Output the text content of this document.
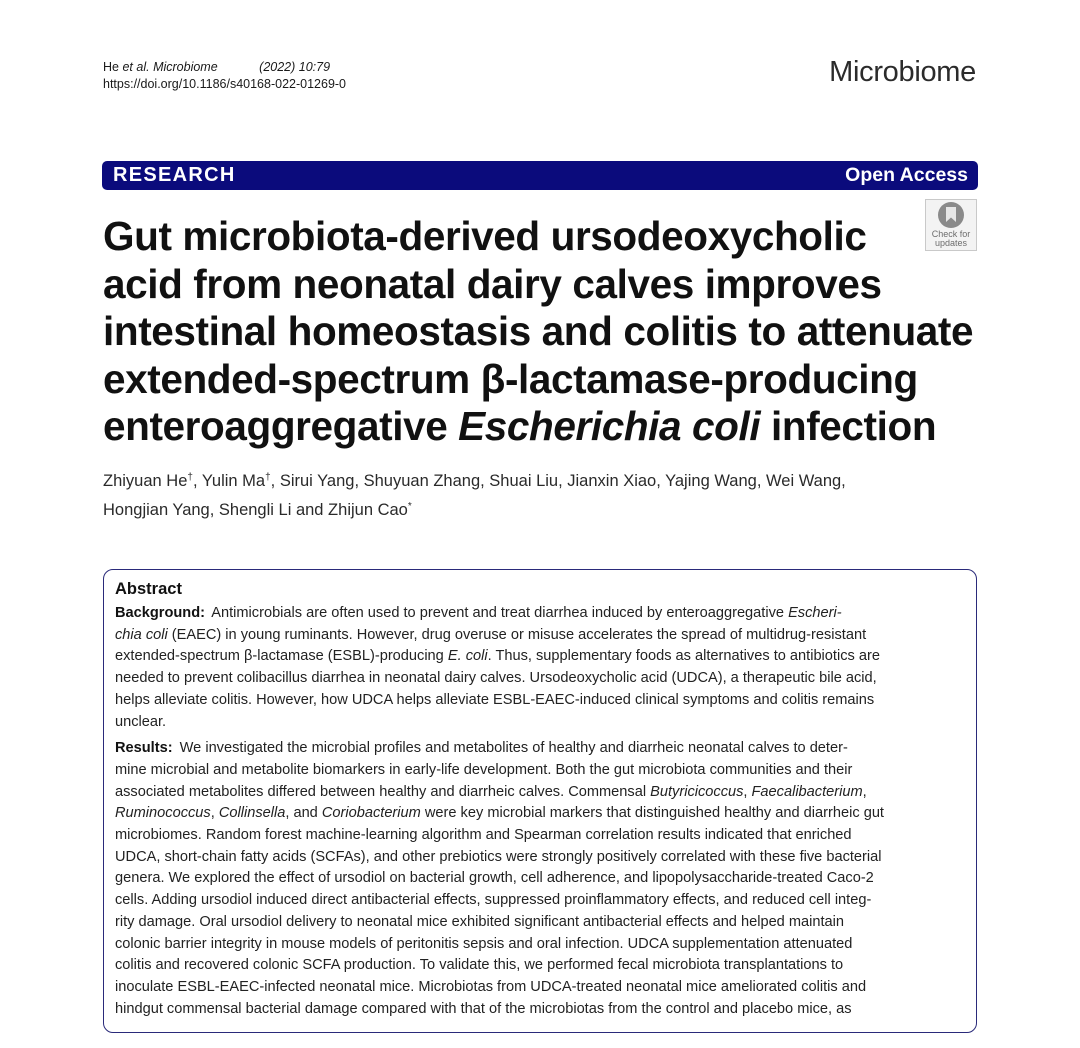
He et al. Microbiome	(2022) 10:79
https://doi.org/10.1186/s40168-022-01269-0	Microbiome
RESEARCH	Open Access
Check for
updates
Gut microbiota-derived ursodeoxycholic
acid from neonatal dairy calves improves
intestinal homeostasis and colitis to attenuate
extended-spectrum β-lactamase-producing
enteroaggregative Escherichia coli infection
Zhiyuan He†, Yulin Ma†, Sirui Yang, Shuyuan Zhang, Shuai Liu, Jianxin Xiao, Yajing Wang, Wei Wang,
Hongjian Yang, Shengli Li and Zhijun Cao*
Abstract

Background: Antimicrobials are often used to prevent and treat diarrhea induced by enteroaggregative Escheri-
chia coli (EAEC) in young ruminants. However, drug overuse or misuse accelerates the spread of multidrug-resistant
extended-spectrum β-lactamase (ESBL)-producing E. coli. Thus, supplementary foods as alternatives to antibiotics are
needed to prevent colibacillus diarrhea in neonatal dairy calves. Ursodeoxycholic acid (UDCA), a therapeutic bile acid,
helps alleviate colitis. However, how UDCA helps alleviate ESBL-EAEC-induced clinical symptoms and colitis remains
unclear.

Results: We investigated the microbial profiles and metabolites of healthy and diarrheic neonatal calves to deter-
mine microbial and metabolite biomarkers in early-life development. Both the gut microbiota communities and their
associated metabolites differed between healthy and diarrheic calves. Commensal Butyricicoccus, Faecalibacterium,
Ruminococcus, Collinsella, and Coriobacterium were key microbial markers that distinguished healthy and diarrheic gut
microbiomes. Random forest machine-learning algorithm and Spearman correlation results indicated that enriched
UDCA, short-chain fatty acids (SCFAs), and other prebiotics were strongly positively correlated with these five bacterial
genera. We explored the effect of ursodiol on bacterial growth, cell adherence, and lipopolysaccharide-treated Caco-2
cells. Adding ursodiol induced direct antibacterial effects, suppressed proinflammatory effects, and reduced cell integ-
rity damage. Oral ursodiol delivery to neonatal mice exhibited significant antibacterial effects and helped maintain
colonic barrier integrity in mouse models of peritonitis sepsis and oral infection. UDCA supplementation attenuated
colitis and recovered colonic SCFA production. To validate this, we performed fecal microbiota transplantations to
inoculate ESBL-EAEC-infected neonatal mice. Microbiotas from UDCA-treated neonatal mice ameliorated colitis and
hindgut commensal bacterial damage compared with that of the microbiotas from the control and placebo mice, as
